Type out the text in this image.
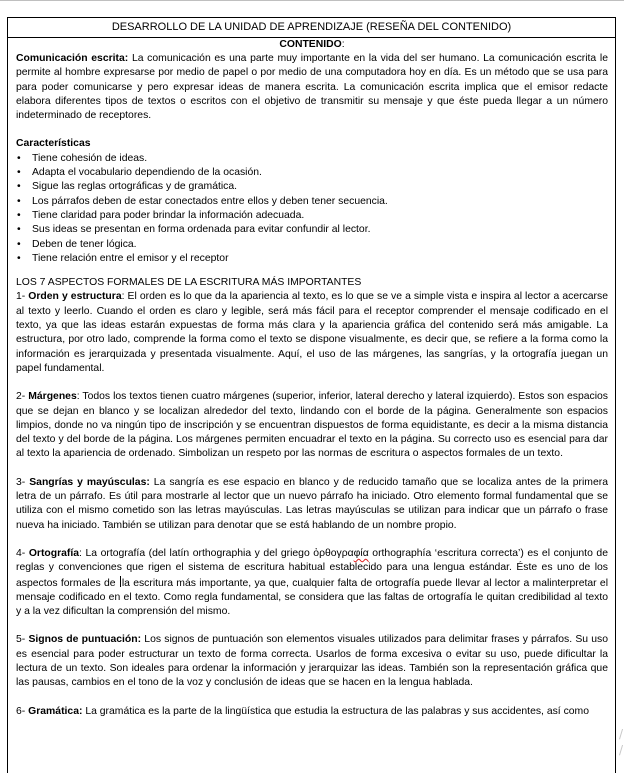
DESARROLLO DE LA UNIDAD DE APRENDIZAJE (RESEÑA DEL CONTENIDO)
CONTENIDO:

Comunicación escrita: La comunicación es una parte muy importante en la vida del ser humano. La comunicación escrita le permite al hombre expresarse por medio de papel o por medio de una computadora hoy en día. Es un método que se usa para para poder comunicarse y pero expresar ideas de manera escrita. La comunicación escrita implica que el emisor redacte elabora diferentes tipos de textos o escritos con el objetivo de transmitir su mensaje y que éste pueda llegar a un número indeterminado de receptores.

Características
• Tiene cohesión de ideas.
• Adapta el vocabulario dependiendo de la ocasión.
• Sigue las reglas ortográficas y de gramática.
• Los párrafos deben de estar conectados entre ellos y deben tener secuencia.
• Tiene claridad para poder brindar la información adecuada.
• Sus ideas se presentan en forma ordenada para evitar confundir al lector.
• Deben de tener lógica.
• Tiene relación entre el emisor y el receptor
LOS 7 ASPECTOS FORMALES DE LA ESCRITURA MÁS IMPORTANTES

1- Orden y estructura: El orden es lo que da la apariencia al texto, es lo que se ve a simple vista e inspira al lector a acercarse al texto y leerlo. Cuando el orden es claro y legible, será más fácil para el receptor comprender el mensaje codificado en el texto, ya que las ideas estarán expuestas de forma más clara y la apariencia gráfica del contenido será más amigable. La estructura, por otro lado, comprende la forma como el texto se dispone visualmente, es decir que, se refiere a la forma como la información es jerarquizada y presentada visualmente. Aquí, el uso de las márgenes, las sangrías, y la ortografía juegan un papel fundamental.

2- Márgenes: Todos los textos tienen cuatro márgenes (superior, inferior, lateral derecho y lateral izquierdo). Estos son espacios que se dejan en blanco y se localizan alrededor del texto, lindando con el borde de la página. Generalmente son espacios limpios, donde no va ningún tipo de inscripción y se encuentran dispuestos de forma equidistante, es decir a la misma distancia del texto y del borde de la página. Los márgenes permiten encuadrar el texto en la página. Su correcto uso es esencial para dar al texto la apariencia de ordenado. Simbolizan un respeto por las normas de escritura o aspectos formales de un texto.

3- Sangrías y mayúsculas: La sangría es ese espacio en blanco y de reducido tamaño que se localiza antes de la primera letra de un párrafo. Es útil para mostrarle al lector que un nuevo párrafo ha iniciado. Otro elemento formal fundamental que se utiliza con el mismo cometido son las letras mayúsculas. Las letras mayúsculas se utilizan para indicar que un párrafo o frase nueva ha iniciado. También se utilizan para denotar que se está hablando de un nombre propio.

4- Ortografía: La ortografía (del latín orthographia y del griego ὀρθογραφία orthographía ‘escritura correcta’) es el conjunto de reglas y convenciones que rigen el sistema de escritura habitual establecido para una lengua estándar. Éste es uno de los aspectos formales de la escritura más importante, ya que, cualquier falta de ortografía puede llevar al lector a malinterpretar el mensaje codificado en el texto. Como regla fundamental, se considera que las faltas de ortografía le quitan credibilidad al texto y a la vez dificultan la comprensión del mismo.

5- Signos de puntuación: Los signos de puntuación son elementos visuales utilizados para delimitar frases y párrafos. Su uso es esencial para poder estructurar un texto de forma correcta. Usarlos de forma excesiva o evitar su uso, puede dificultar la lectura de un texto. Son ideales para ordenar la información y jerarquizar las ideas. También son la representación gráfica que las pausas, cambios en el tono de la voz y conclusión de ideas que se hacen en la lengua hablada.

6- Gramática: La gramática es la parte de la lingüística que estudia la estructura de las palabras y sus accidentes, así como

/
/
